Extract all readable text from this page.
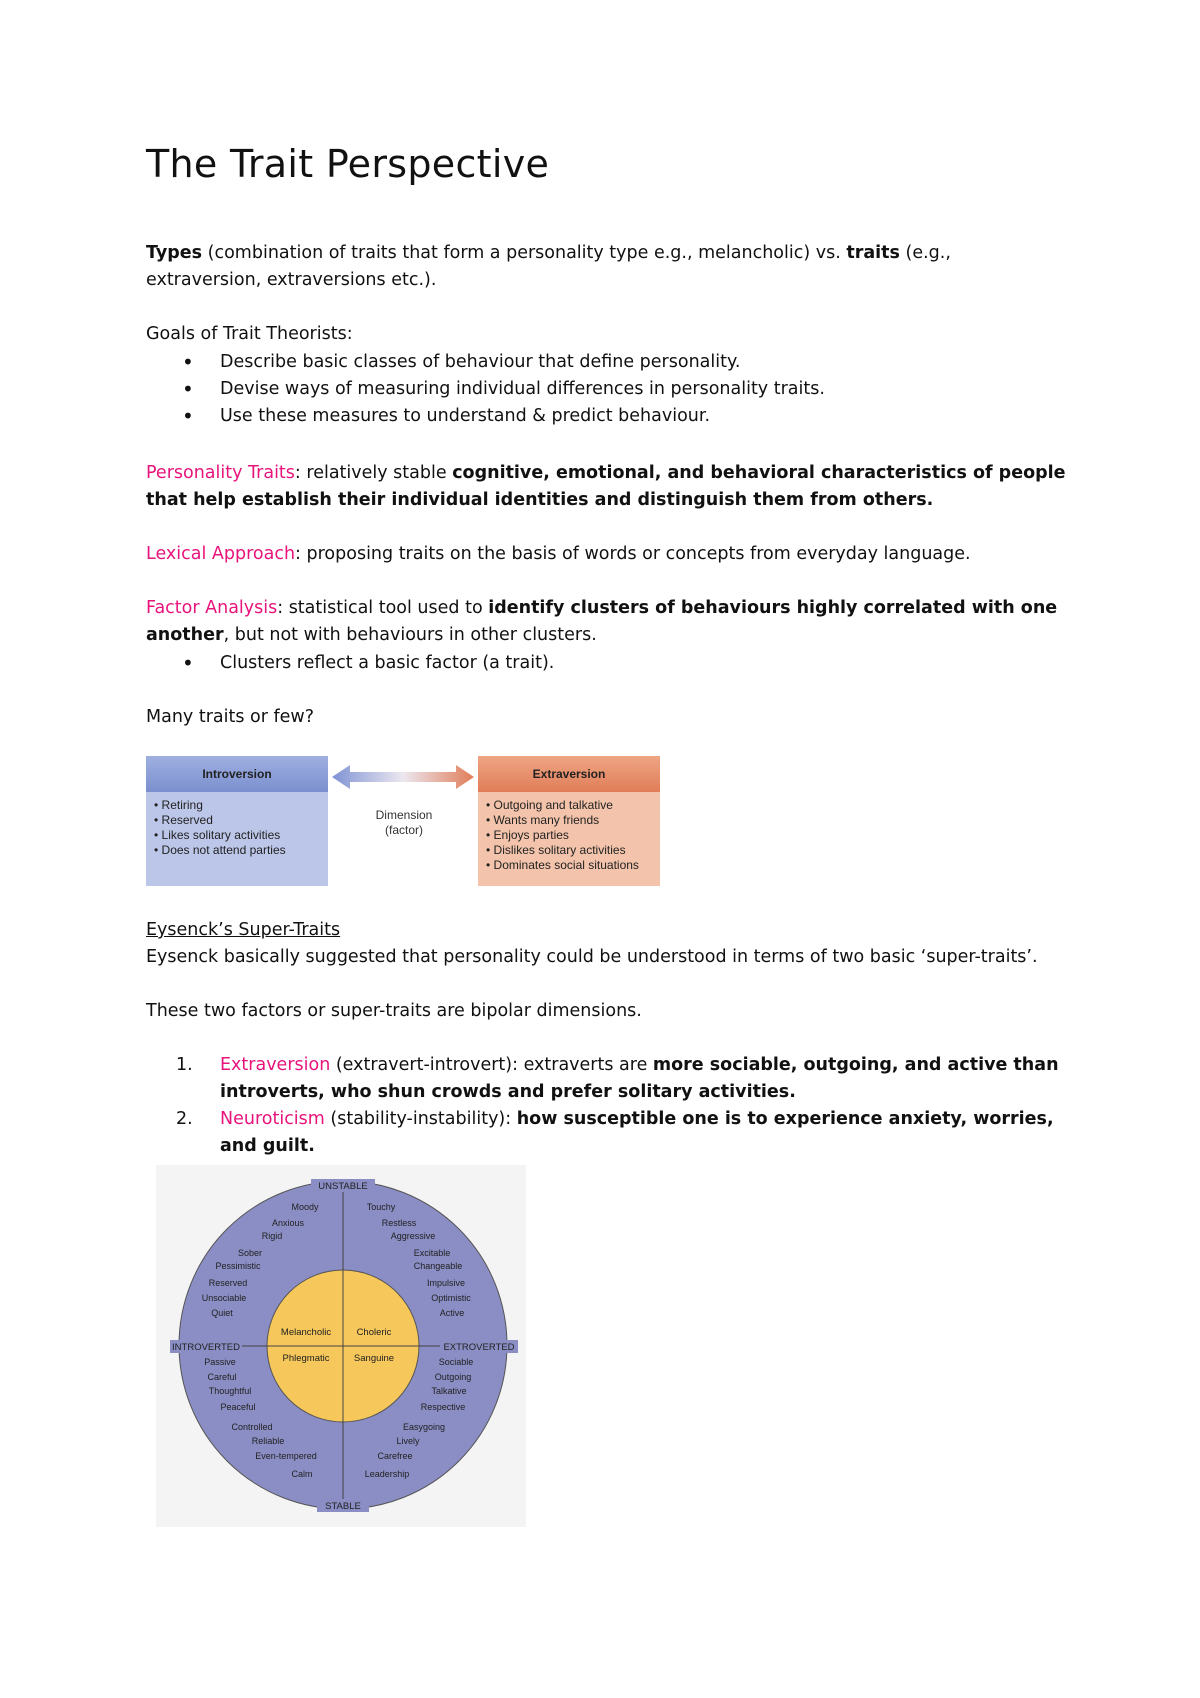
The Trait Perspective

Types (combination of traits that form a personality type e.g., melancholic) vs. traits (e.g.,
extraversion, extraversions etc.).

Goals of Trait Theorists:

• Describe basic classes of behaviour that define personality.
• Devise ways of measuring individual differences in personality traits.
• Use these measures to understand & predict behaviour.

Personality Traits: relatively stable cognitive, emotional, and behavioral characteristics of people that help establish their individual identities and distinguish them from others.

Lexical Approach: proposing traits on the basis of words or concepts from everyday language.

Factor Analysis: statistical tool used to identify clusters of behaviours highly correlated with one another, but not with behaviours in other clusters.

• Clusters reflect a basic factor (a trait).

Many traits or few?

Introversion
• Retiring
• Reserved
• Likes solitary activities
• Does not attend parties
Dimension
(factor)
Extraversion
• Outgoing and talkative
• Wants many friends
• Enjoys parties
• Dislikes solitary activities
• Dominates social situations

Eysenck’s Super-Traits
Eysenck basically suggested that personality could be understood in terms of two basic ‘super-traits’.

These two factors or super-traits are bipolar dimensions.

1. Extraversion (extravert-introvert): extraverts are more sociable, outgoing, and active than introverts, who shun crowds and prefer solitary activities.
2. Neuroticism (stability-instability): how susceptible one is to experience anxiety, worries, and guilt.
UNSTABLE
STABLE
INTROVERTED	EXTROVERTED
Melancholic	Choleric
Phlegmatic	Sanguine
Moody
Anxious
Rigid
Sober
Pessimistic
Reserved
Unsociable
Quiet
Touchy
Restless
Aggressive
Excitable
Changeable
Impulsive
Optimistic
Active
Passive
Careful
Thoughtful
Peaceful
Controlled
Reliable
Even-tempered
Calm
Sociable
Outgoing
Talkative
Respective
Easygoing
Lively
Carefree
Leadership
